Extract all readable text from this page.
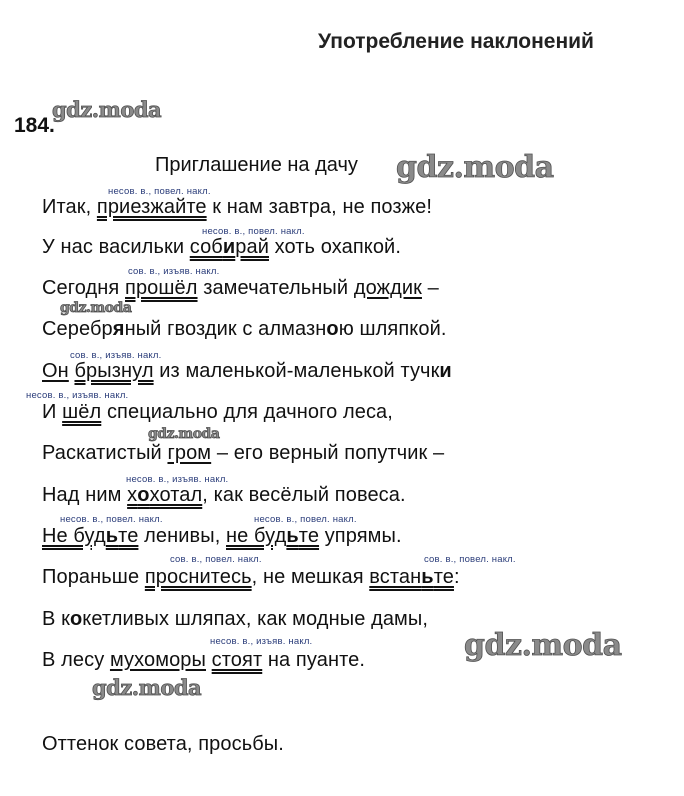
Употребление наклонений
184.
Приглашение на дачу
gdz.moda
gdz.moda
gdz.moda
gdz.moda
gdz.moda
gdz.moda
несов. в., повел. накл.
несов. в., повел. накл.
сов. в., изъяв. накл.
сов. в., изъяв. накл.
несов. в., изъяв. накл.
несов. в., изъяв. накл.
несов. в., повел. накл.	несов. в., повел. накл.
сов. в., повел. накл.	сов. в., повел. накл.
несов. в., изъяв. накл.
Итак, приезжайте к нам завтра, не позже!
У нас васильки собирай хоть охапкой.
Сегодня прошёл замечательный дождик –
Серебряный гвоздик с алмазною шляпкой.
Он брызнул из маленькой-маленькой тучки
И шёл специально для дачного леса,
Раскатистый гром – его верный попутчик –
Над ним хохотал, как весёлый повеса.
Не будьте ленивы, не будьте упрямы.
Пораньше проснитесь, не мешкая встаньте:
В кокетливых шляпах, как модные дамы,
В лесу мухоморы стоят на пуанте.
Оттенок совета, просьбы.
